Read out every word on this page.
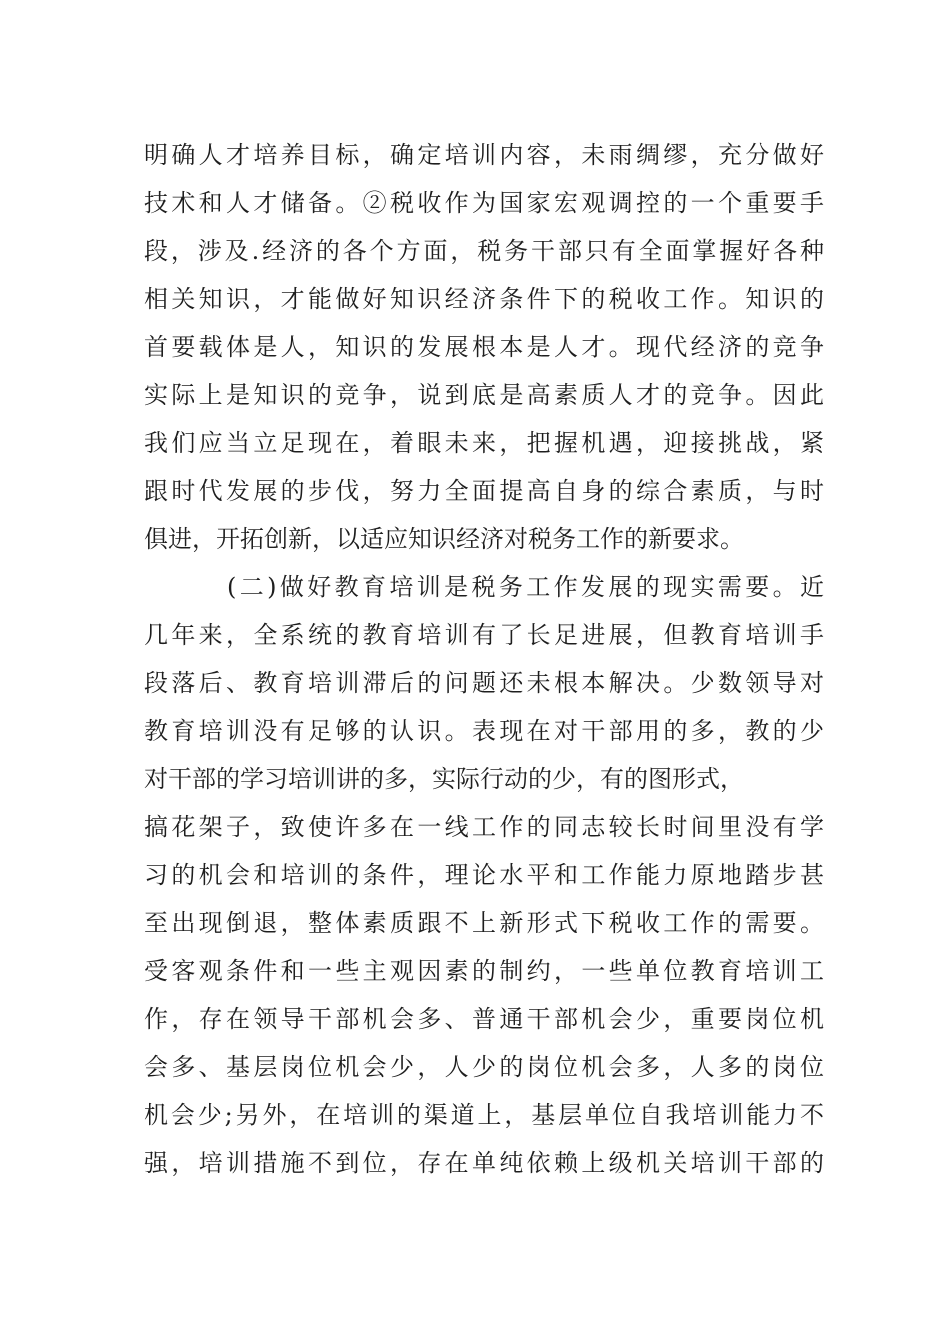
明确人才培养目标，确定培训内容，未雨绸缪，充分做好
技术和人才储备。②税收作为国家宏观调控的一个重要手
段，涉及.经济的各个方面，税务干部只有全面掌握好各种
相关知识，才能做好知识经济条件下的税收工作。知识的
首要载体是人，知识的发展根本是人才。现代经济的竞争
实际上是知识的竞争，说到底是高素质人才的竞争。因此
我们应当立足现在，着眼未来，把握机遇，迎接挑战，紧
跟时代发展的步伐，努力全面提高自身的综合素质，与时
俱进，开拓创新，以适应知识经济对税务工作的新要求。
(二)做好教育培训是税务工作发展的现实需要。近
几年来，全系统的教育培训有了长足进展，但教育培训手
段落后、教育培训滞后的问题还未根本解决。少数领导对
教育培训没有足够的认识。表现在对干部用的多，教的少
对干部的学习培训讲的多，实际行动的少，有的图形式，
搞花架子，致使许多在一线工作的同志较长时间里没有学
习的机会和培训的条件，理论水平和工作能力原地踏步甚
至出现倒退，整体素质跟不上新形式下税收工作的需要。
受客观条件和一些主观因素的制约，一些单位教育培训工
作，存在领导干部机会多、普通干部机会少，重要岗位机
会多、基层岗位机会少，人少的岗位机会多，人多的岗位
机会少;另外，在培训的渠道上，基层单位自我培训能力不
强，培训措施不到位，存在单纯依赖上级机关培训干部的
